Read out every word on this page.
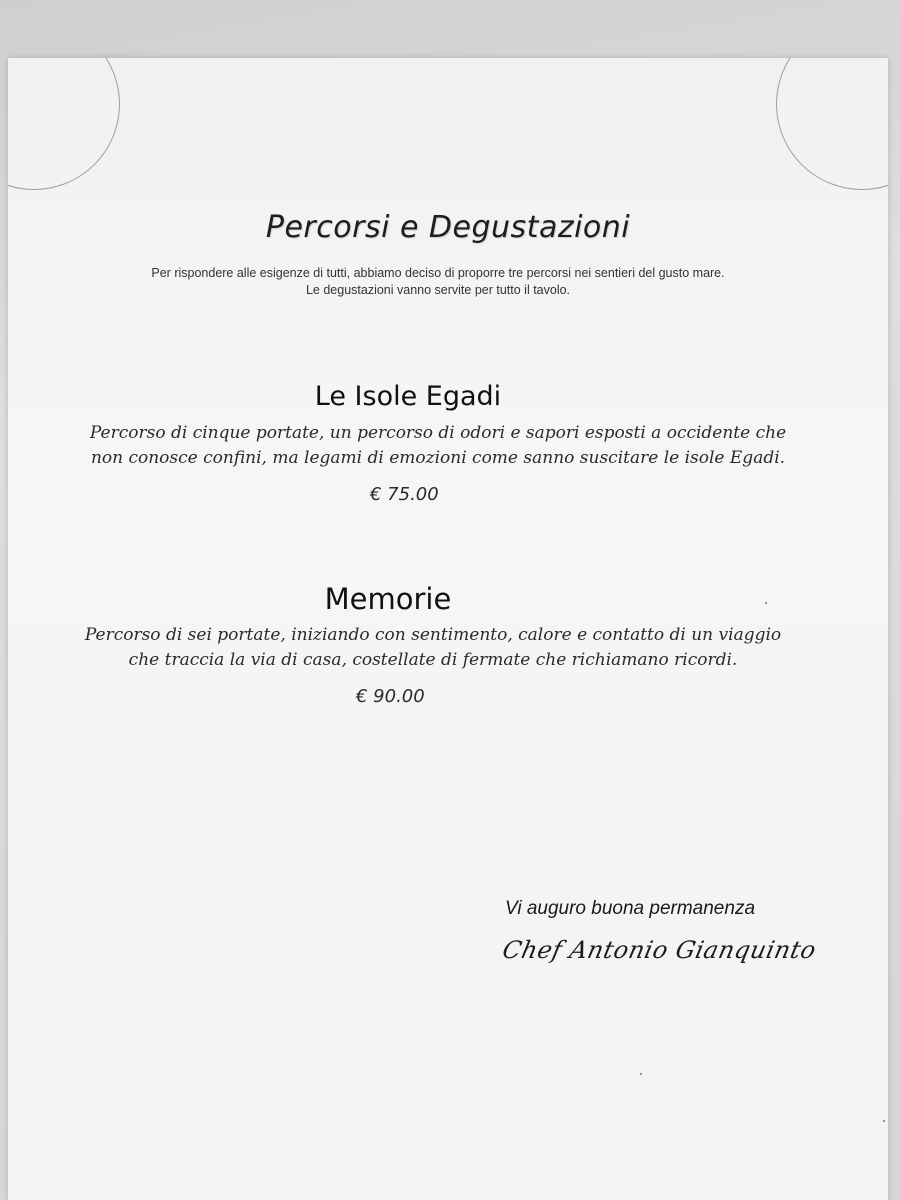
Percorsi e Degustazioni
Per rispondere alle esigenze di tutti, abbiamo deciso di proporre tre percorsi nei sentieri del gusto mare.
Le degustazioni vanno servite per tutto il tavolo.
Le Isole Egadi
Percorso di cinque portate, un percorso di odori e sapori esposti a occidente che
non conosce confini, ma legami di emozioni come sanno suscitare le isole Egadi.
€ 75.00
Memorie
Percorso di sei portate, iniziando con sentimento, calore e contatto di un viaggio
che traccia la via di casa, costellate di fermate che richiamano ricordi.
€ 90.00
Vi auguro buona permanenza
Chef Antonio Gianquinto
